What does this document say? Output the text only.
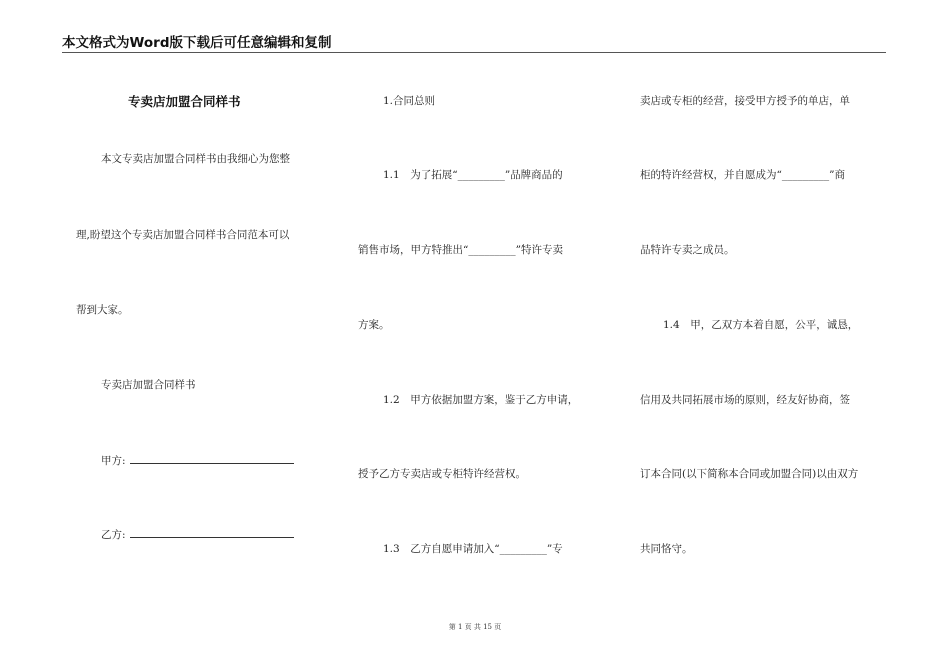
本文格式为Word版下载后可任意编辑和复制
专卖店加盟合同样书
本文专卖店加盟合同样书由我细心为您整
理,盼望这个专卖店加盟合同样书合同范本可以
帮到大家。
专卖店加盟合同样书
甲方:
乙方:
1.合同总则
1.1　为了拓展“_________”品牌商品的
销售市场，甲方特推出“_________”特许专卖
方案。
1.2　甲方依据加盟方案，鉴于乙方申请，
授予乙方专卖店或专柜特许经营权。
1.3　乙方自愿申请加入“_________”专
卖店或专柜的经营，接受甲方授予的单店，单
柜的特许经营权，并自愿成为“_________”商
品特许专卖之成员。
1.4　甲，乙双方本着自愿，公平，诚恳，
信用及共同拓展市场的原则，经友好协商，签
订本合同(以下简称本合同或加盟合同)以由双方
共同恪守。
第 1 页 共 15 页
